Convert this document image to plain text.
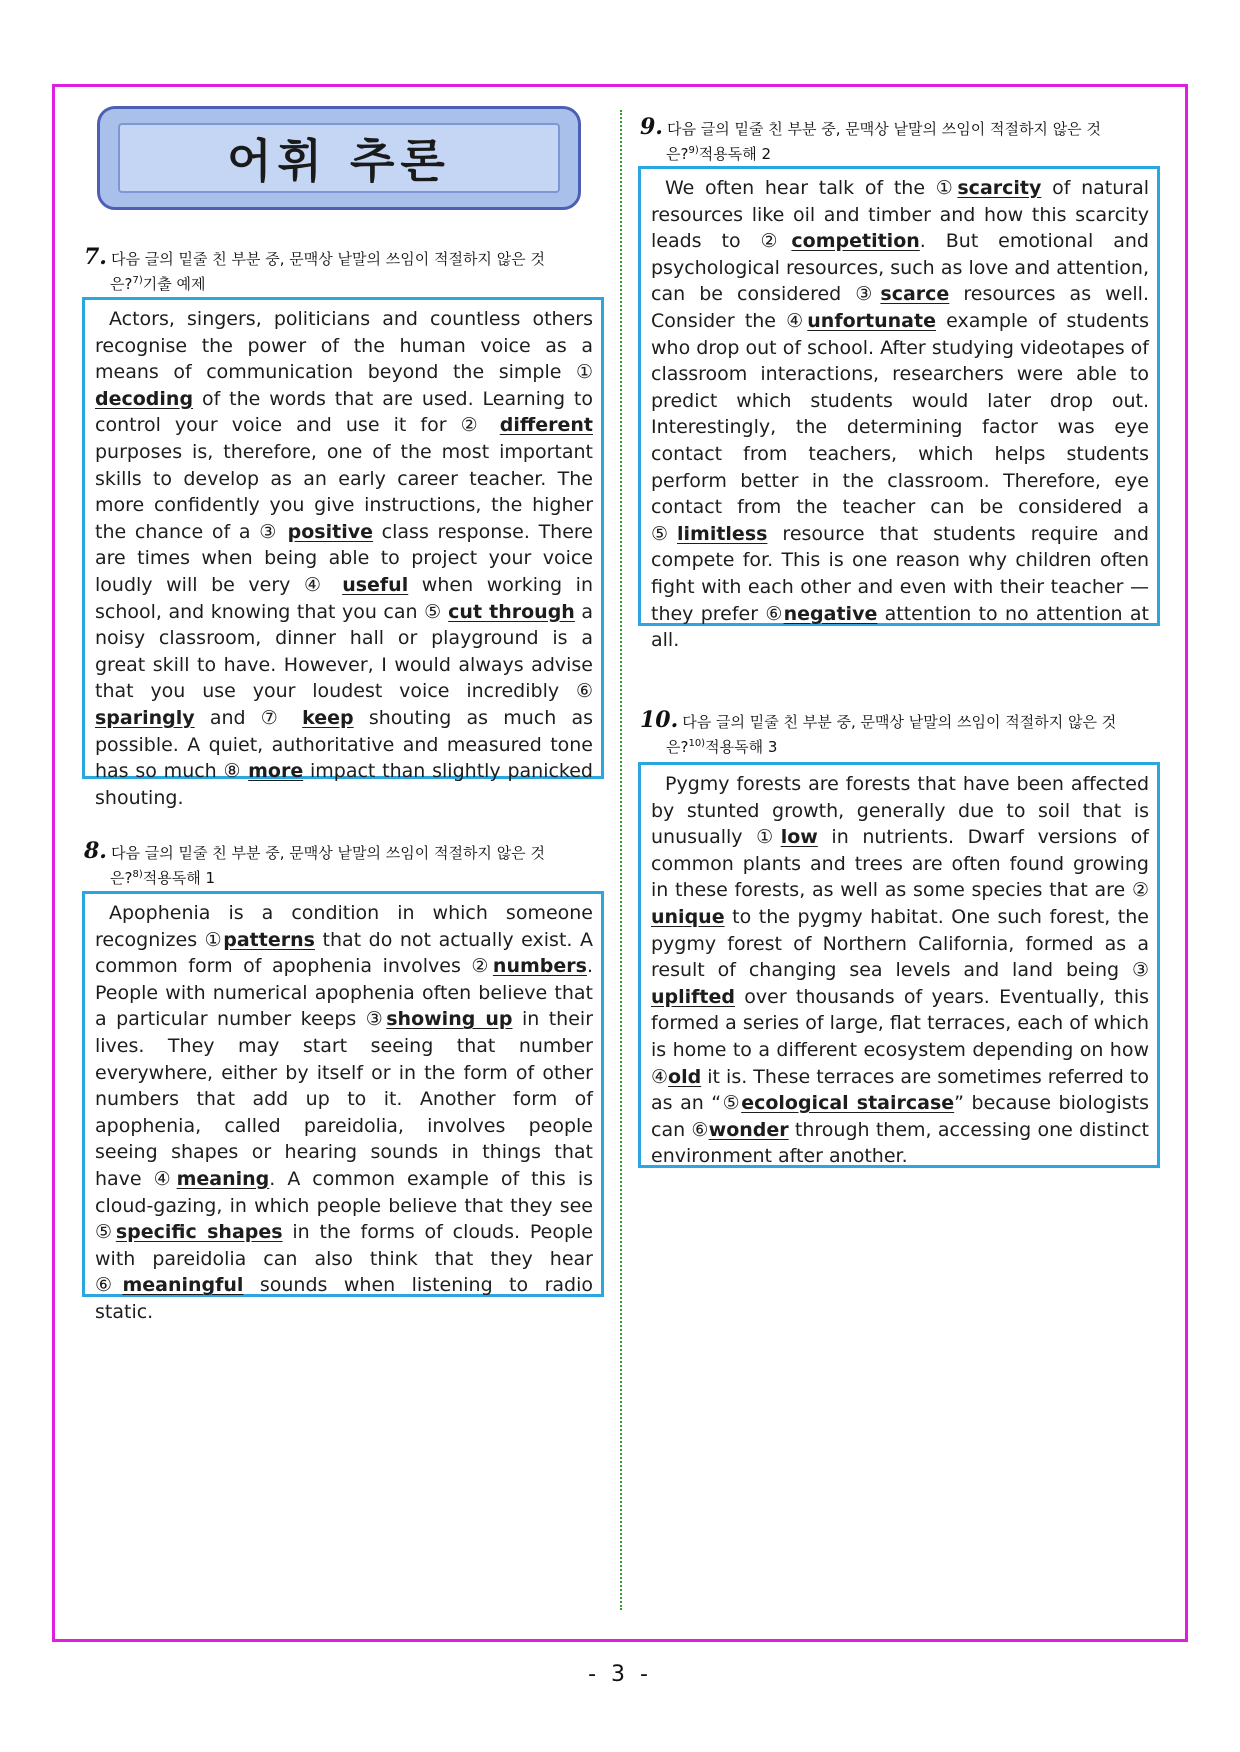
어휘 추론
7. 다음 글의 밑줄 친 부분 중, 문맥상 낱말의 쓰임이 적절하지 않은 것
은?$^{7)}$기출 예제

Actors, singers, politicians and countless others recognise the power of the human voice as a means of communication beyond the simple ① decoding of the words that are used. Learning to control your voice and use it for ② different purposes is, therefore, one of the most important skills to develop as an early career teacher. The more confidently you give instructions, the higher the chance of a ③ positive class response. There are times when being able to project your voice loudly will be very ④ useful when working in school, and knowing that you can ⑤ cut through a noisy classroom, dinner hall or playground is a great skill to have. However, I would always advise that you use your loudest voice incredibly ⑥ sparingly and ⑦ keep shouting as much as possible. A quiet, authoritative and measured tone has so much ⑧ more impact than slightly panicked shouting.

8. 다음 글의 밑줄 친 부분 중, 문맥상 낱말의 쓰임이 적절하지 않은 것
은?$^{8)}$적용독해 1

Apophenia is a condition in which someone recognizes ①patterns that do not actually exist. A common form of apophenia involves ②numbers. People with numerical apophenia often believe that a particular number keeps ③showing up in their lives. They may start seeing that number everywhere, either by itself or in the form of other numbers that add up to it. Another form of apophenia, called pareidolia, involves people seeing shapes or hearing sounds in things that have ④meaning. A common example of this is cloud-gazing, in which people believe that they see ⑤specific shapes in the forms of clouds. People with pareidolia can also think that they hear ⑥meaningful sounds when listening to radio static.

9. 다음 글의 밑줄 친 부분 중, 문맥상 낱말의 쓰임이 적절하지 않은 것
은?$^{9)}$적용독해 2

We often hear talk of the ①scarcity of natural resources like oil and timber and how this scarcity leads to ②competition. But emotional and psychological resources, such as love and attention, can be considered ③scarce resources as well. Consider the ④unfortunate example of students who drop out of school. After studying videotapes of classroom interactions, researchers were able to predict which students would later drop out. Interestingly, the determining factor was eye contact from teachers, which helps students perform better in the classroom. Therefore, eye contact from the teacher can be considered a ⑤limitless resource that students require and compete for. This is one reason why children often fight with each other and even with their teacher — they prefer ⑥negative attention to no attention at all.

10. 다음 글의 밑줄 친 부분 중, 문맥상 낱말의 쓰임이 적절하지 않은 것
은?$^{10)}$적용독해 3

Pygmy forests are forests that have been affected by stunted growth, generally due to soil that is unusually ①low in nutrients. Dwarf versions of common plants and trees are often found growing in these forests, as well as some species that are ② unique to the pygmy habitat. One such forest, the pygmy forest of Northern California, formed as a result of changing sea levels and land being ③ uplifted over thousands of years. Eventually, this formed a series of large, flat terraces, each of which is home to a different ecosystem depending on how ④old it is. These terraces are sometimes referred to as an “⑤ecological staircase” because biologists can ⑥wonder through them, accessing one distinct environment after another.

- 3 -
